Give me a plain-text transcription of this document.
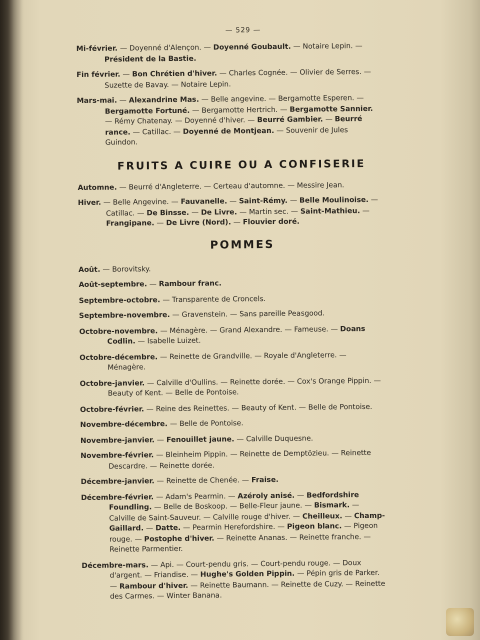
— 529 —
Mi-février. — Doyenné d'Alençon. — Doyenné Goubault. — Notaire Lepin. — Président de la Bastie.
Fin février. — Bon Chrétien d'hiver. — Charles Cognée. — Olivier de Serres. — Suzette de Bavay. — Notaire Lepin.
Mars-mai. — Alexandrine Mas. — Belle angevine. — Bergamotte Esperen. — Bergamotte Fortuné. — Bergamotte Hertrich. — Bergamotte Sannier. — Rémy Chatenay. — Doyenné d'hiver. — Beurré Gambier. — Beurré rance. — Catillac. — Doyenné de Montjean. — Souvenir de Jules Guindon.
FRUITS A CUIRE OU A CONFISERIE
Automne. — Beurré d'Angleterre. — Certeau d'automne. — Messire Jean.
Hiver. — Belle Angevine. — Fauvanelle. — Saint-Rémy. — Belle Moulinoise. — Catillac. — De Binsse. — De Livre. — Martin sec. — Saint-Mathieu. — Frangipane. — De Livre (Nord). — Flouvier doré.
POMMES
Août. — Borovitsky.
Août-septembre. — Rambour franc.
Septembre-octobre. — Transparente de Croncels.
Septembre-novembre. — Gravenstein. — Sans pareille Peasgood.
Octobre-novembre. — Ménagère. — Grand Alexandre. — Fameuse. — Doans Codlin. — Isabelle Luizet.
Octobre-décembre. — Reinette de Grandville. — Royale d'Angleterre. — Ménagère.
Octobre-janvier. — Calville d'Oullins. — Reinette dorée. — Cox's Orange Pippin. — Beauty of Kent. — Belle de Pontoise.
Octobre-février. — Reine des Reinettes. — Beauty of Kent. — Belle de Pontoise.
Novembre-décembre. — Belle de Pontoise.
Novembre-janvier. — Fenouillet jaune. — Calville Duquesne.
Novembre-février. — Bleinheim Pippin. — Reinette de Demptözieu. — Reinette Descardre. — Reinette dorée.
Décembre-janvier. — Reinette de Chenée. — Fraise.
Décembre-février. — Adam's Pearmin. — Azéroly anisé. — Bedfordshire Foundling. — Belle de Boskoop. — Belle-Fleur jaune. — Bismark. — Calville de Saint-Sauveur. — Calville rouge d'hiver. — Cheilleux. — Champ-Gaillard. — Datte. — Pearmin Herefordshire. — Pigeon blanc. — Pigeon rouge. — Postophe d'hiver. — Reinette Ananas. — Reinette franche. — Reinette Parmentier.
Décembre-mars. — Api. — Court-pendu gris. — Court-pendu rouge. — Doux d'argent. — Friandise. — Hughe's Golden Pippin. — Pépin gris de Parker. — Rambour d'hiver. — Reinette Baumann. — Reinette de Cuzy. — Reinette des Carmes. — Winter Banana.
